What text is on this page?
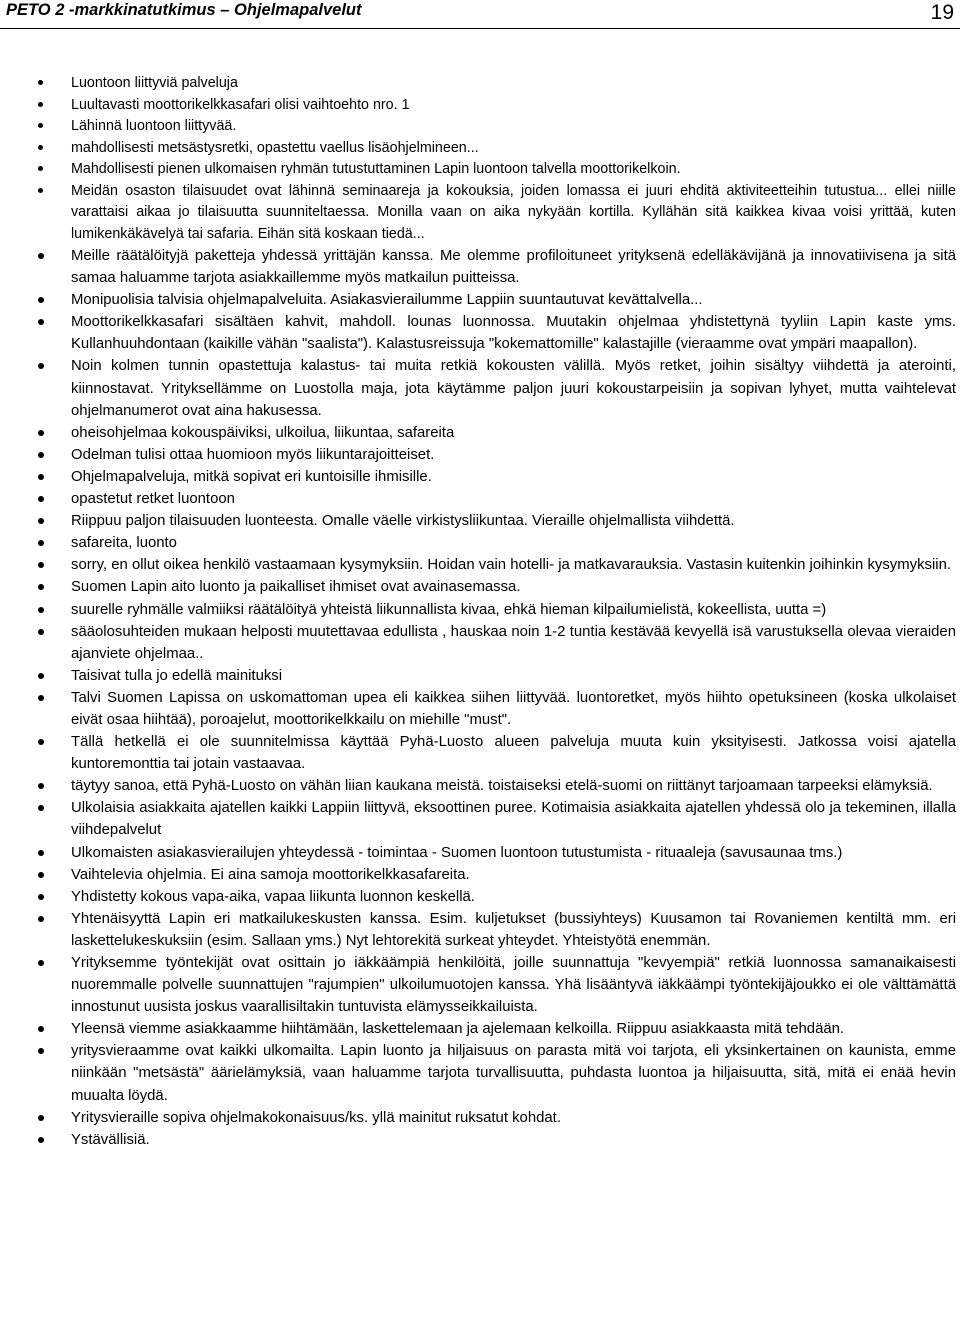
PETO 2 -markkinatutkimus – Ohjelmapalvelut	19
Luontoon liittyviä palveluja
Luultavasti moottorikelkkasafari olisi vaihtoehto nro. 1
Lähinnä luontoon liittyvää.
mahdollisesti metsästysretki, opastettu vaellus lisäohjelmineen...
Mahdollisesti pienen ulkomaisen ryhmän tutustuttaminen Lapin luontoon talvella moottorikelkoin.
Meidän osaston tilaisuudet ovat lähinnä seminaareja ja kokouksia, joiden lomassa ei juuri ehditä aktiviteetteihin tutustua... ellei niille varattaisi aikaa jo tilaisuutta suunniteltaessa. Monilla vaan on aika nykyään kortilla. Kyllähän sitä kaikkea kivaa voisi yrittää, kuten lumikenkäkävelyä tai safaria. Eihän sitä koskaan tiedä...
Meille räätälöityjä paketteja yhdessä yrittäjän kanssa. Me olemme profiloituneet yrityksenä edelläkävijänä ja innovatiivisena ja sitä samaa haluamme tarjota asiakkaillemme myös matkailun puitteissa.
Monipuolisia talvisia ohjelmapalveluita. Asiakasvierailumme Lappiin suuntautuvat kevättalvella...
Moottorikelkkasafari sisältäen kahvit, mahdoll. lounas luonnossa. Muutakin ohjelmaa yhdistettynä tyyliin Lapin kaste yms. Kullanhuuhdontaan (kaikille vähän "saalista"). Kalastusreissuja "kokemattomille" kalastajille (vieraamme ovat ympäri maapallon).
Noin kolmen tunnin opastettuja kalastus- tai muita retkiä kokousten välillä. Myös retket, joihin sisältyy viihdettä ja aterointi, kiinnostavat. Yrityksellämme on Luostolla maja, jota käytämme paljon juuri kokoustarpeisiin ja sopivan lyhyet, mutta vaihtelevat ohjelmanumerot ovat aina hakusessa.
oheisohjelmaa kokouspäiviksi, ulkoilua, liikuntaa, safareita
Odelman tulisi ottaa huomioon myös liikuntarajoitteiset.
Ohjelmapalveluja, mitkä sopivat eri kuntoisille ihmisille.
opastetut retket luontoon
Riippuu paljon tilaisuuden luonteesta. Omalle väelle virkistysliikuntaa. Vieraille ohjelmallista viihdettä.
safareita, luonto
sorry, en ollut oikea henkilö vastaamaan kysymyksiin. Hoidan vain hotelli- ja matkavarauksia. Vastasin kuitenkin joihinkin kysymyksiin.
Suomen Lapin aito luonto ja paikalliset ihmiset ovat avainasemassa.
suurelle ryhmälle valmiiksi räätälöityä yhteistä liikunnallista kivaa, ehkä hieman kilpailumielistä, kokeellista, uutta =)
sääolosuhteiden mukaan helposti muutettavaa edullista , hauskaa noin 1-2 tuntia kestävää kevyellä isä varustuksella olevaa vieraiden ajanviete ohjelmaa..
Taisivat tulla jo edellä mainituksi
Talvi Suomen Lapissa on uskomattoman upea eli kaikkea siihen liittyvää. luontoretket, myös hiihto opetuksineen (koska ulkolaiset eivät osaa hiihtää), poroajelut, moottorikelkkailu on miehille "must".
Tällä hetkellä ei ole suunnitelmissa käyttää Pyhä-Luosto alueen palveluja muuta kuin yksityisesti. Jatkossa voisi ajatella kuntoremonttia tai jotain vastaavaa.
täytyy sanoa, että Pyhä-Luosto on vähän liian kaukana meistä. toistaiseksi etelä-suomi on riittänyt tarjoamaan tarpeeksi elämyksiä.
Ulkolaisia asiakkaita ajatellen kaikki Lappiin liittyvä, eksoottinen puree. Kotimaisia asiakkaita ajatellen yhdessä olo ja tekeminen, illalla viihdepalvelut
Ulkomaisten asiakasvierailujen yhteydessä - toimintaa - Suomen luontoon tutustumista - rituaaleja (savusaunaa tms.)
Vaihtelevia ohjelmia. Ei aina samoja moottorikelkkasafareita.
Yhdistetty kokous vapa-aika, vapaa liikunta luonnon keskellä.
Yhtenäisyyttä Lapin eri matkailukeskusten kanssa. Esim. kuljetukset (bussiyhteys) Kuusamon tai Rovaniemen kentiltä mm. eri laskettelukeskuksiin (esim. Sallaan yms.) Nyt lehtorekitä surkeat yhteydet. Yhteistyötä enemmän.
Yrityksemme työntekijät ovat osittain jo iäkkäämpiä henkilöitä, joille suunnattuja "kevyempiä" retkiä luonnossa samanaikaisesti nuoremmalle polvelle suunnattujen "rajumpien" ulkoilumuotojen kanssa. Yhä lisääntyvä iäkkäämpi työntekijäjoukko ei ole välttämättä innostunut uusista joskus vaarallisiltakin tuntuvista elämysseikkailuista.
Yleensä viemme asiakkaamme hiihtämään, laskettelemaan ja ajelemaan kelkoilla. Riippuu asiakkaasta mitä tehdään.
yritysvieraamme ovat kaikki ulkomailta. Lapin luonto ja hiljaisuus on parasta mitä voi tarjota, eli yksinkertainen on kaunista, emme niinkään "metsästä" äärielämyksiä, vaan haluamme tarjota turvallisuutta, puhdasta luontoa ja hiljaisuutta, sitä, mitä ei enää hevin muualta löydä.
Yritysvieraille sopiva ohjelmakokonaisuus/ks. yllä mainitut ruksatut kohdat.
Ystävällisiä.
